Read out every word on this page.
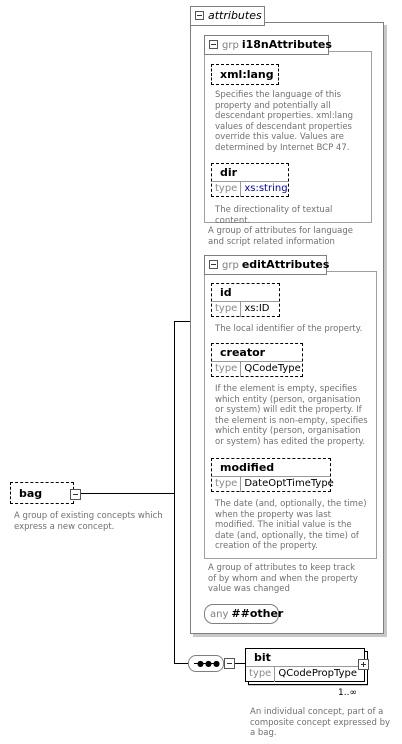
bag
A group of existing concepts which express a new concept.
attributes
grp i18nAttributes
xml:lang
Specifies the language of this property and potentially all descendant properties. xml:lang values of descendant properties override this value. Values are determined by Internet BCP 47.
dir
type xs:string
The directionality of textual content.
A group of attributes for language and script related information
grp editAttributes
id
type xs:ID
The local identifier of the property.
creator
type QCodeType
If the element is empty, specifies which entity (person, organisation or system) will edit the property. If the element is non-empty, specifies which entity (person, organisation or system) has edited the property.
modified
type DateOptTimeType
The date (and, optionally, the time) when the property was last modified. The initial value is the date (and, optionally, the time) of creation of the property.
A group of attributes to keep track of by whom and when the property value was changed
any ##other
●●●	bit
type QCodePropType
1..∞
An individual concept, part of a composite concept expressed by a bag.
